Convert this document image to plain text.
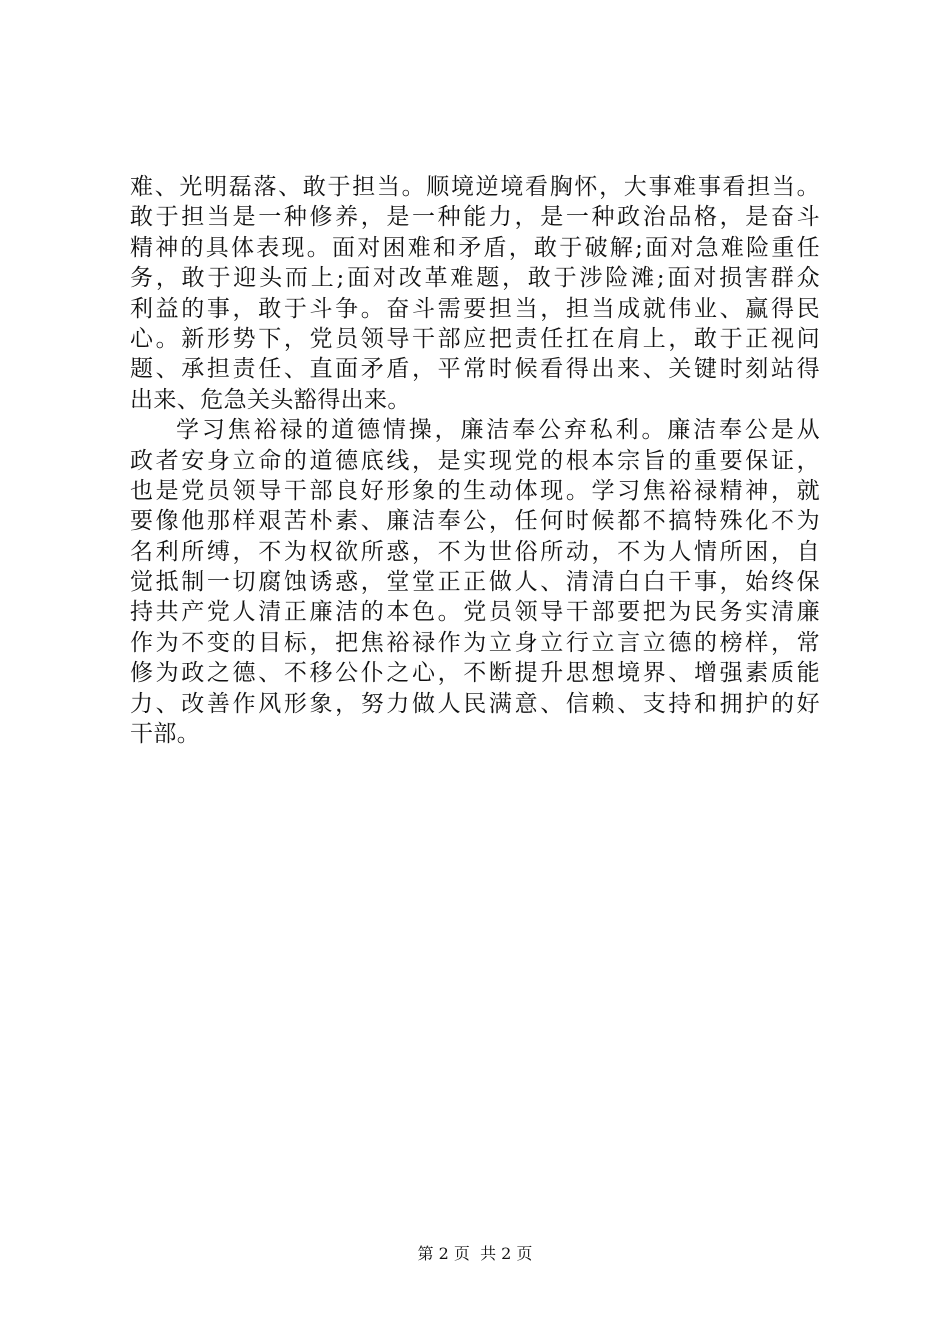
难、光明磊落、敢于担当。顺境逆境看胸怀，大事难事看担当。
敢于担当是一种修养，是一种能力，是一种政治品格，是奋斗
精神的具体表现。面对困难和矛盾，敢于破解;面对急难险重任
务，敢于迎头而上;面对改革难题，敢于涉险滩;面对损害群众
利益的事，敢于斗争。奋斗需要担当，担当成就伟业、赢得民
心。新形势下，党员领导干部应把责任扛在肩上，敢于正视问
题、承担责任、直面矛盾，平常时候看得出来、关键时刻站得
出来、危急关头豁得出来。
学习焦裕禄的道德情操，廉洁奉公弃私利。廉洁奉公是从
政者安身立命的道德底线，是实现党的根本宗旨的重要保证，
也是党员领导干部良好形象的生动体现。学习焦裕禄精神，就
要像他那样艰苦朴素、廉洁奉公，任何时候都不搞特殊化不为
名利所缚，不为权欲所惑，不为世俗所动，不为人情所困，自
觉抵制一切腐蚀诱惑，堂堂正正做人、清清白白干事，始终保
持共产党人清正廉洁的本色。党员领导干部要把为民务实清廉
作为不变的目标，把焦裕禄作为立身立行立言立德的榜样，常
修为政之德、不移公仆之心，不断提升思想境界、增强素质能
力、改善作风形象，努力做人民满意、信赖、支持和拥护的好
干部。
第 2 页  共 2 页
